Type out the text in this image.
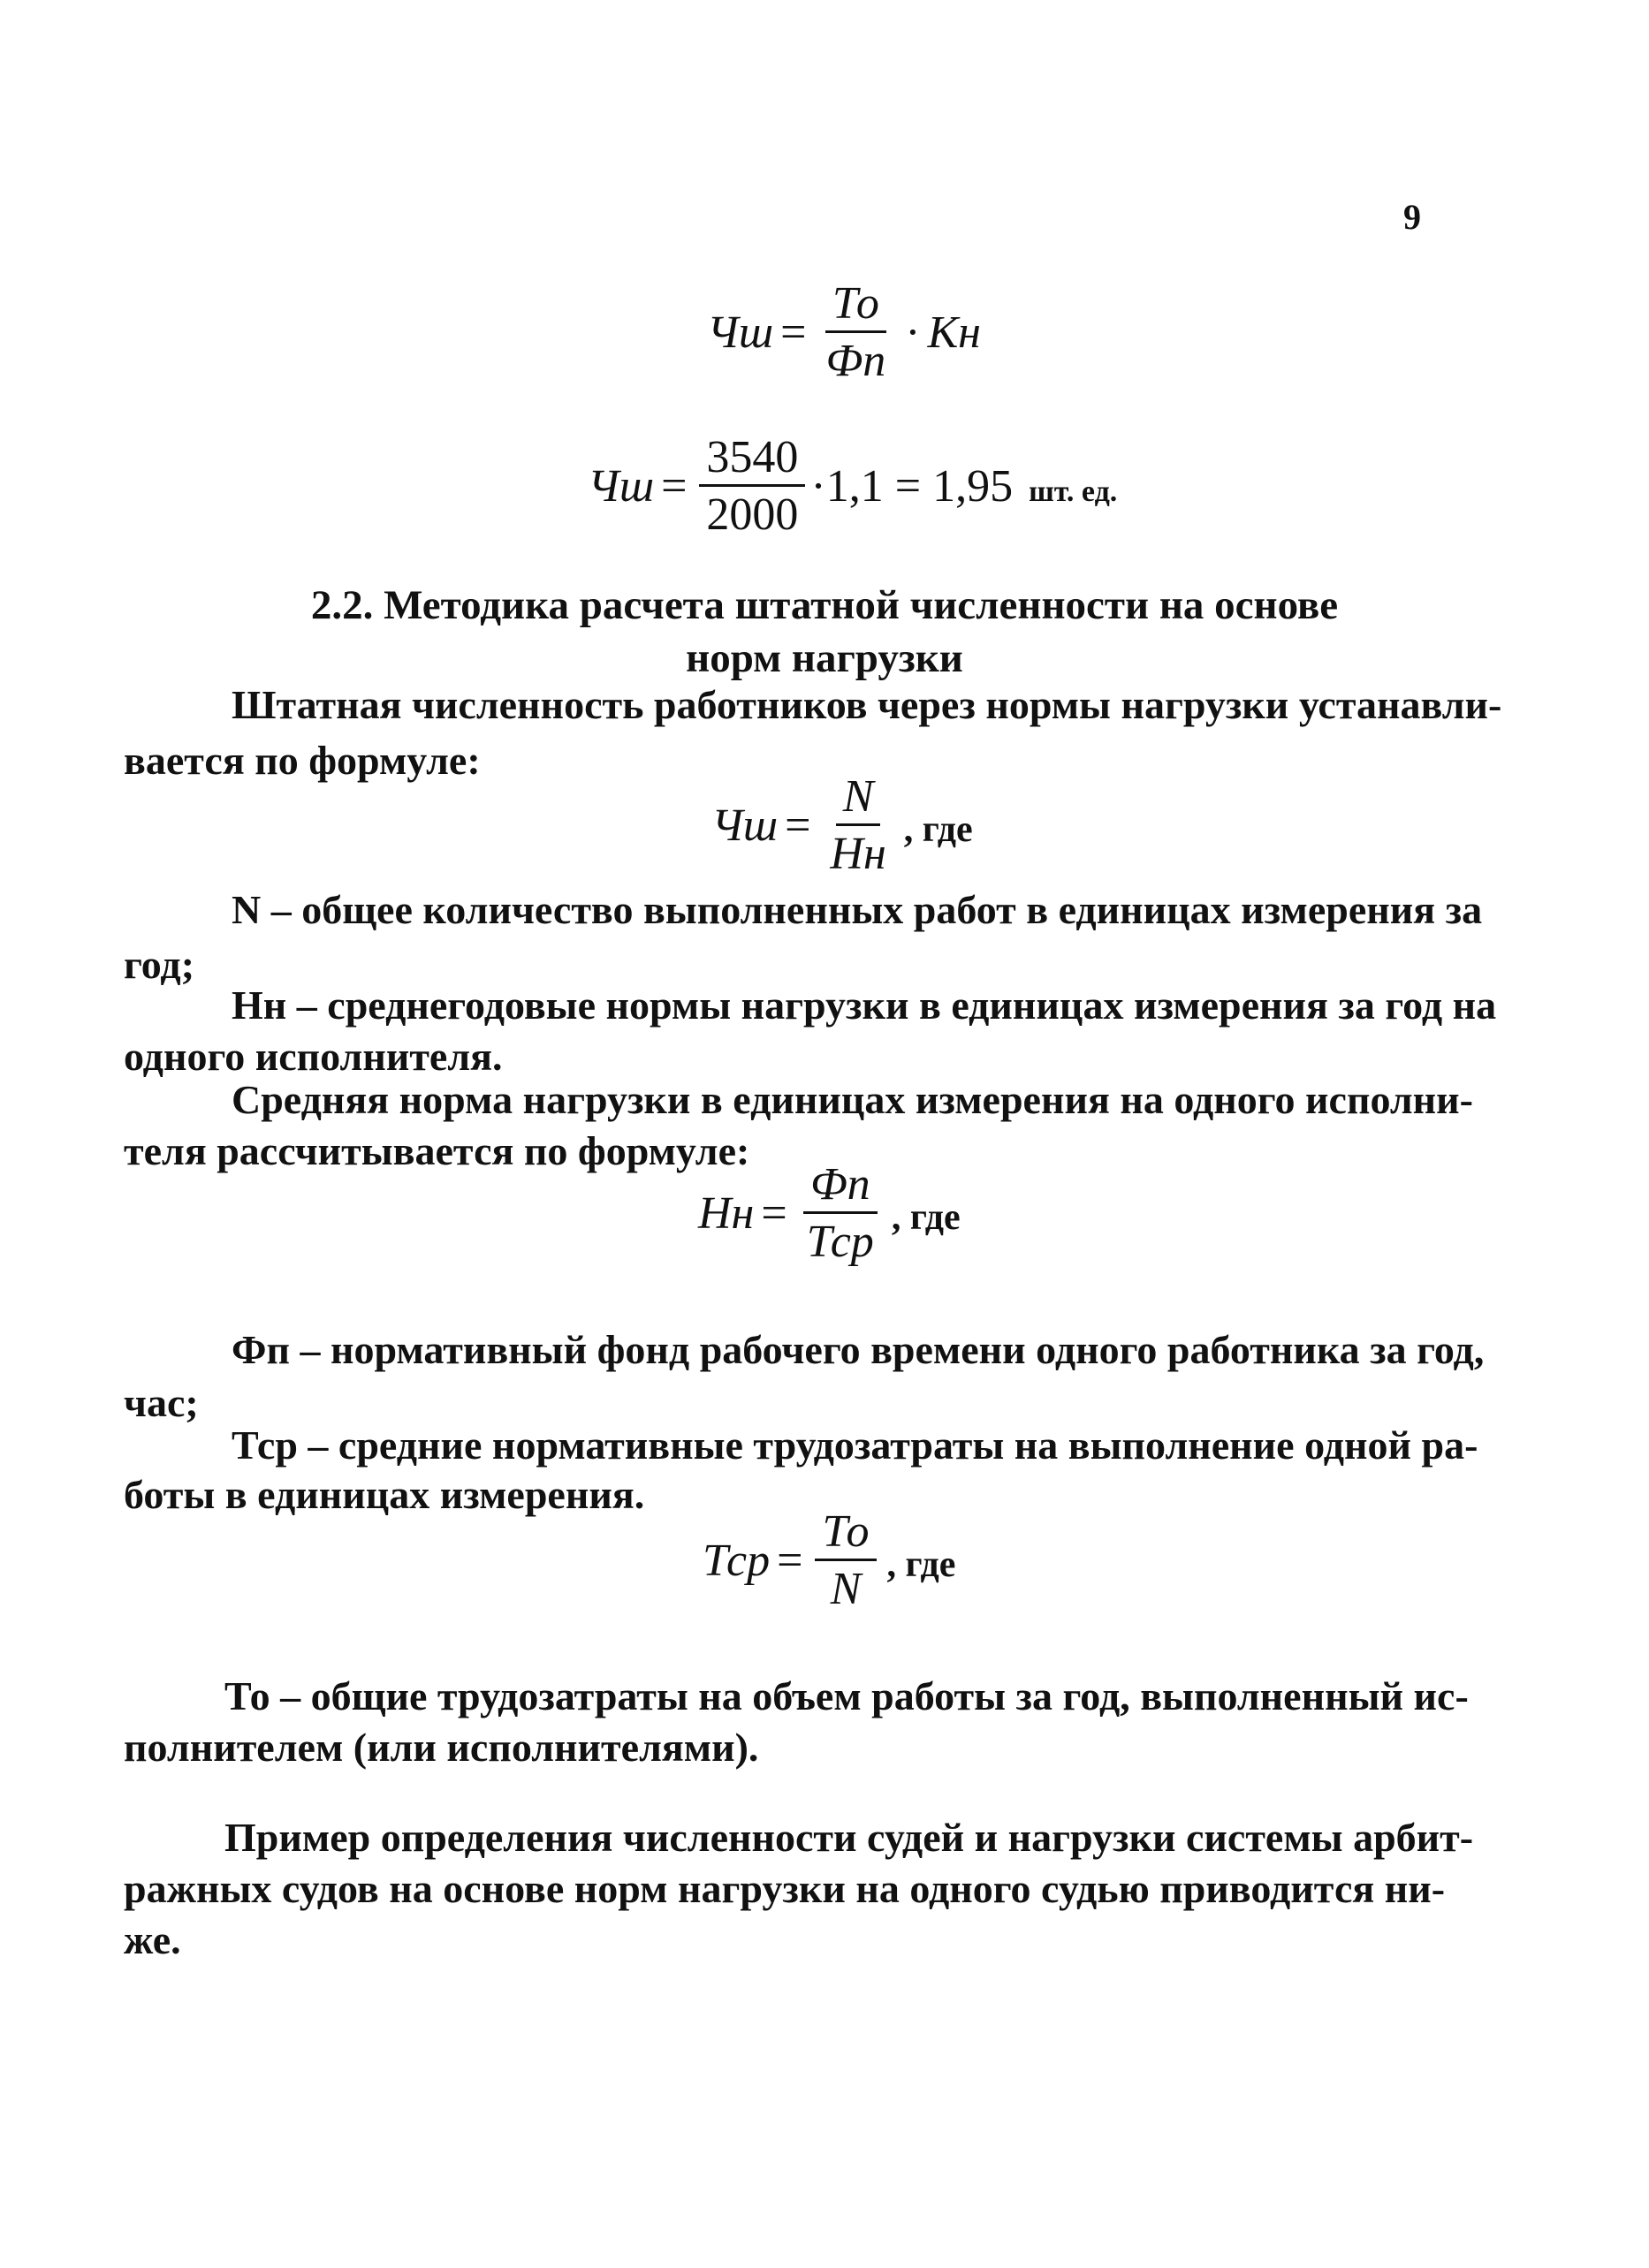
9
Чш = $\frac{То}{Фп}$ · Кн
Чш = $\frac{3540}{2000} \cdot 1,1 = 1,95$ шт. ед.
2.2. Методика расчета штатной численности на основе
норм нагрузки
Штатная численность работников через нормы нагрузки устанавли-
вается по формуле:
Чш = $\frac{N}{Нн}$ , где
N – общее количество выполненных работ в единицах измерения за
год;
Нн – среднегодовые нормы нагрузки в единицах измерения за год на
одного исполнителя.
Средняя норма нагрузки в единицах измерения на одного исполни-
теля рассчитывается по формуле:
Нн = $\frac{Фп}{\text{Тср}}$ , где
Фп – нормативный фонд рабочего времени одного работника за год,
час;
Тср – средние нормативные трудозатраты на выполнение одной ра-
боты в единицах измерения.
Тср = $\frac{То}{N}$ , где
То – общие трудозатраты на объем работы за год, выполненный ис-
полнителем (или исполнителями).
Пример определения численности судей и нагрузки системы арбит-
ражных судов на основе норм нагрузки на одного судью приводится ни-
же.
